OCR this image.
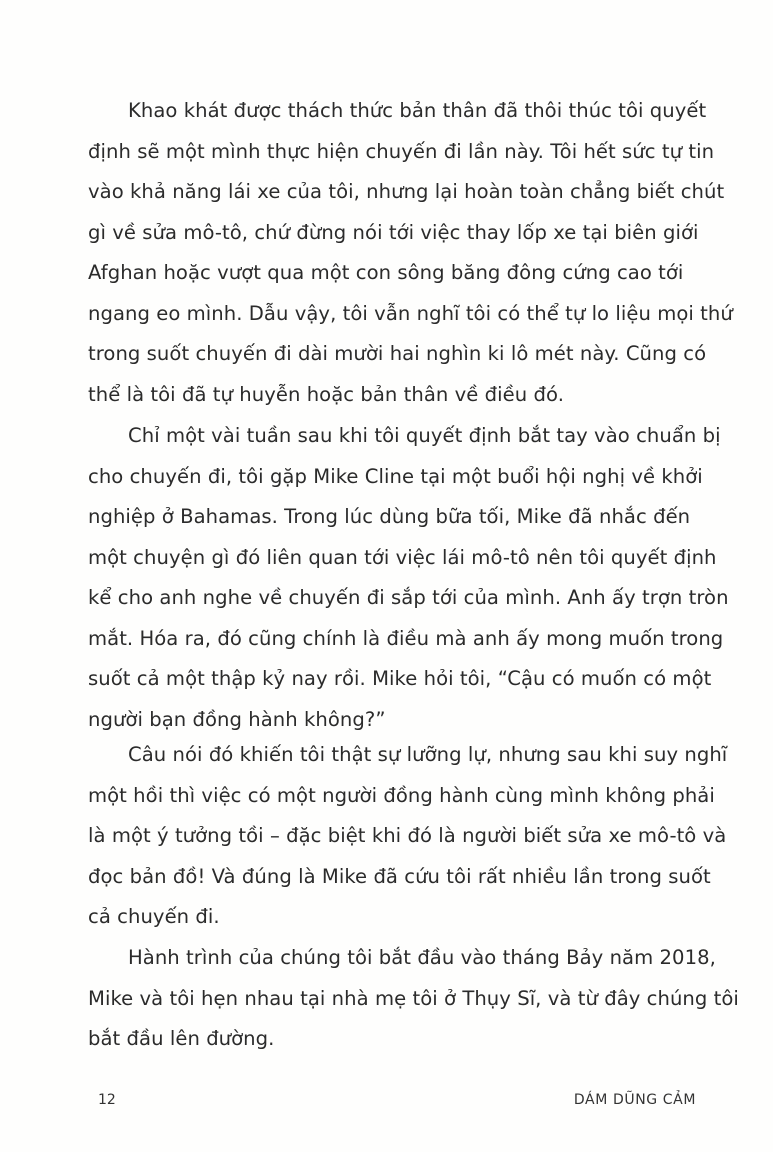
Khao khát được thách thức bản thân đã thôi thúc tôi quyết
định sẽ một mình thực hiện chuyến đi lần này. Tôi hết sức tự tin
vào khả năng lái xe của tôi, nhưng lại hoàn toàn chẳng biết chút
gì về sửa mô-tô, chứ đừng nói tới việc thay lốp xe tại biên giới
Afghan hoặc vượt qua một con sông băng đông cứng cao tới
ngang eo mình. Dẫu vậy, tôi vẫn nghĩ tôi có thể tự lo liệu mọi thứ
trong suốt chuyến đi dài mười hai nghìn ki lô mét này. Cũng có
thể là tôi đã tự huyễn hoặc bản thân về điều đó.
Chỉ một vài tuần sau khi tôi quyết định bắt tay vào chuẩn bị
cho chuyến đi, tôi gặp Mike Cline tại một buổi hội nghị về khởi
nghiệp ở Bahamas. Trong lúc dùng bữa tối, Mike đã nhắc đến
một chuyện gì đó liên quan tới việc lái mô-tô nên tôi quyết định
kể cho anh nghe về chuyến đi sắp tới của mình. Anh ấy trợn tròn
mắt. Hóa ra, đó cũng chính là điều mà anh ấy mong muốn trong
suốt cả một thập kỷ nay rồi. Mike hỏi tôi, “Cậu có muốn có một
người bạn đồng hành không?”
Câu nói đó khiến tôi thật sự lưỡng lự, nhưng sau khi suy nghĩ
một hồi thì việc có một người đồng hành cùng mình không phải
là một ý tưởng tồi – đặc biệt khi đó là người biết sửa xe mô-tô và
đọc bản đồ! Và đúng là Mike đã cứu tôi rất nhiều lần trong suốt
cả chuyến đi.
Hành trình của chúng tôi bắt đầu vào tháng Bảy năm 2018,
Mike và tôi hẹn nhau tại nhà mẹ tôi ở Thụy Sĩ, và từ đây chúng tôi
bắt đầu lên đường.
12	DÁM DŨNG CẢM
